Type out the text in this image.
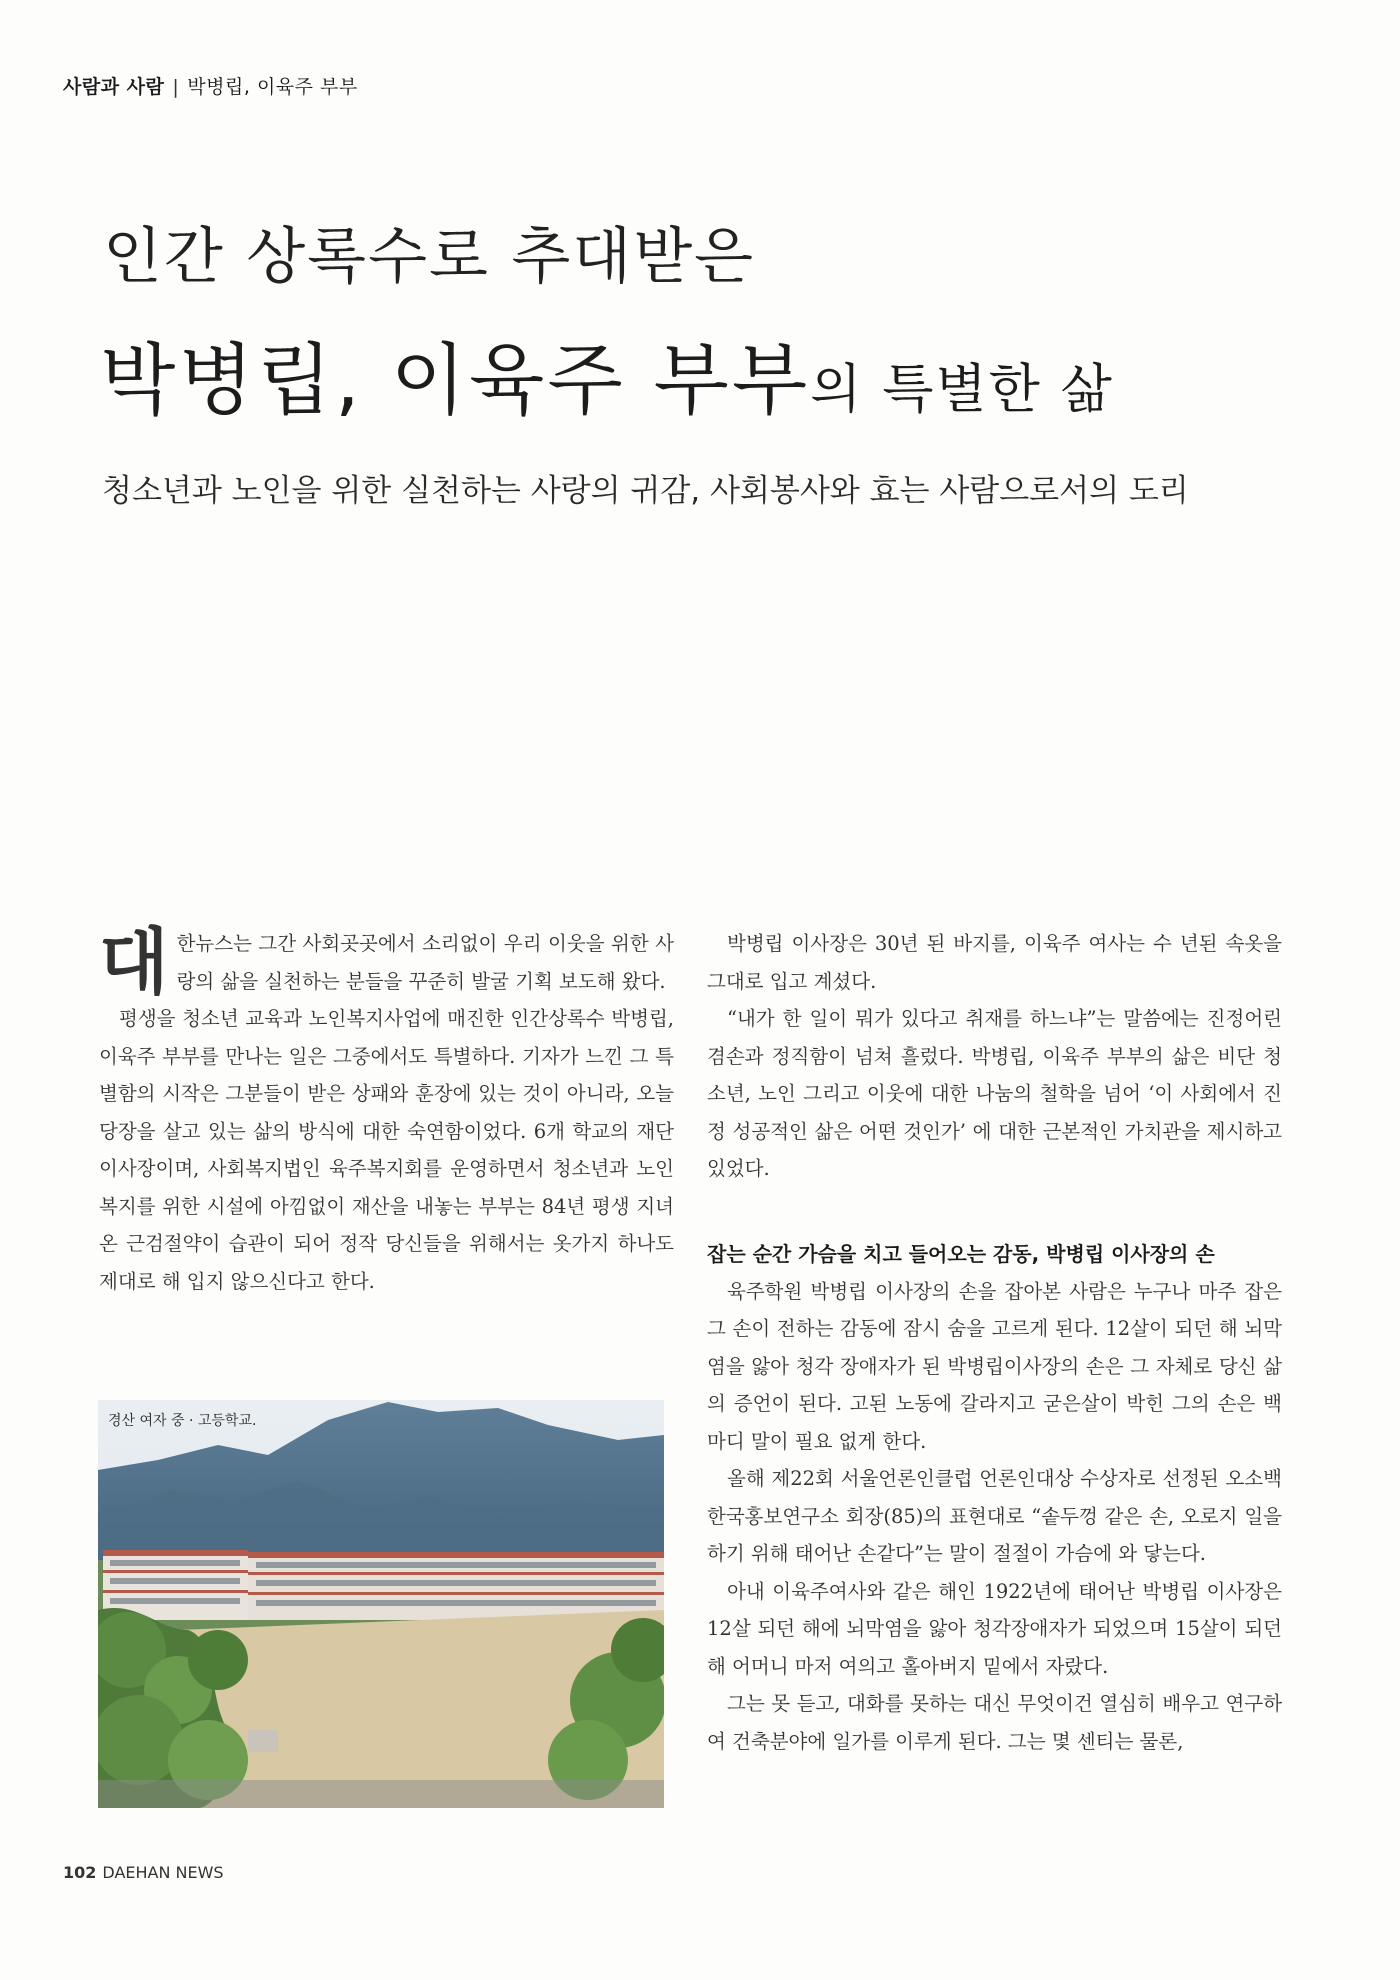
사람과 사람 | 박병립, 이육주 부부
인간 상록수로 추대받은
박병립, 이육주 부부의 특별한 삶
청소년과 노인을 위한 실천하는 사랑의 귀감, 사회봉사와 효는 사람으로서의 도리

대한뉴스는 그간 사회곳곳에서 소리없이 우리 이웃을 위한 사랑의 삶을 실천하는 분들을 꾸준히 발굴 기획 보도해 왔다.

평생을 청소년 교육과 노인복지사업에 매진한 인간상록수 박병립, 이육주 부부를 만나는 일은 그중에서도 특별하다. 기자가 느낀 그 특별함의 시작은 그분들이 받은 상패와 훈장에 있는 것이 아니라, 오늘 당장을 살고 있는 삶의 방식에 대한 숙연함이었다. 6개 학교의 재단이사장이며, 사회복지법인 육주복지회를 운영하면서 청소년과 노인복지를 위한 시설에 아낌없이 재산을 내놓는 부부는 84년 평생 지녀온 근검절약이 습관이 되어 정작 당신들을 위해서는 옷가지 하나도 제대로 해 입지 않으신다고 한다.

경산 여자 중 · 고등학교.

박병립 이사장은 30년 된 바지를, 이육주 여사는 수 년된 속옷을 그대로 입고 계셨다.

“내가 한 일이 뭐가 있다고 취재를 하느냐”는 말씀에는 진정어린 겸손과 정직함이 넘쳐 흘렀다. 박병립, 이육주 부부의 삶은 비단 청소년, 노인 그리고 이웃에 대한 나눔의 철학을 넘어 ‘이 사회에서 진정 성공적인 삶은 어떤 것인가’ 에 대한 근본적인 가치관을 제시하고 있었다.

잡는 순간 가슴을 치고 들어오는 감동, 박병립 이사장의 손

육주학원 박병립 이사장의 손을 잡아본 사람은 누구나 마주 잡은 그 손이 전하는 감동에 잠시 숨을 고르게 된다. 12살이 되던 해 뇌막염을 앓아 청각 장애자가 된 박병립이사장의 손은 그 자체로 당신 삶의 증언이 된다. 고된 노동에 갈라지고 굳은살이 박힌 그의 손은 백마디 말이 필요 없게 한다.

올해 제22회 서울언론인클럽 언론인대상 수상자로 선정된 오소백 한국홍보연구소 회장(85)의 표현대로 “솥두껑 같은 손, 오로지 일을 하기 위해 태어난 손같다”는 말이 절절이 가슴에 와 닿는다.

아내 이육주여사와 같은 해인 1922년에 태어난 박병립 이사장은 12살 되던 해에 뇌막염을 앓아 청각장애자가 되었으며 15살이 되던 해 어머니 마저 여의고 홀아버지 밑에서 자랐다.

그는 못 듣고, 대화를 못하는 대신 무엇이건 열심히 배우고 연구하여 건축분야에 일가를 이루게 된다. 그는 몇 센티는 물론,

102 DAEHAN NEWS
